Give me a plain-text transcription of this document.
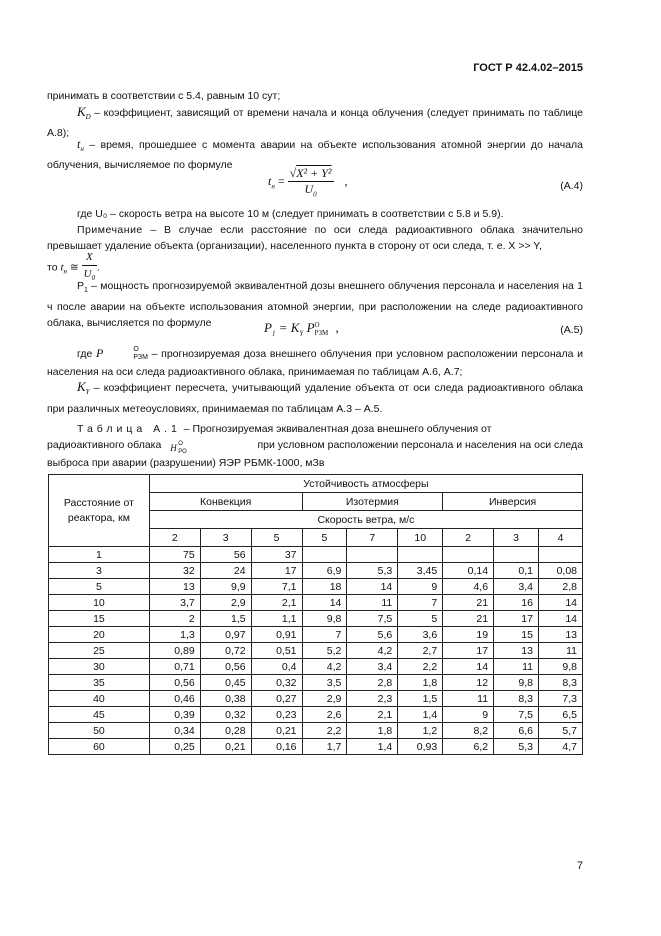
ГОСТ Р 42.4.02–2015
принимать в соответствии с 5.4, равным 10 сут;
$K_D$ – коэффициент, зависящий от времени начала и конца облучения (следует принимать по таблице А.8);
$t_н$ – время, прошедшее с момента аварии на объекте использования атомной энергии до начала облучения, вычисляемое по формуле
$t_н = \frac{\text{√X² + Y²}}{U_0}$ ,	(А.4)
где U₀ – скорость ветра на высоте 10 м (следует принимать в соответствии с 5.8 и 5.9).
Примечание – В случае если расстояние по оси следа радиоактивного облака значительно превышает удаление объекта (организации), населенного пункта в сторону от оси следа, т. е. X >> Y,
то $t_н$ ≅ $\frac{X}{U_0}$ .
$P_1$ – мощность прогнозируемой эквивалентной дозы внешнего облучения персонала и населения на 1 ч после аварии на объекте использования атомной энергии, при расположении на следе радиоактивного облака, вычисляется по формуле	$P_1 = K_Y$ P О
РЗМ ,	(А.5)
где P	О
РЗМ – прогнозируемая доза внешнего облучения при условном расположении персонала и населения на оси следа радиоактивного облака, принимаемая по таблицам А.6, А.7;
$K_Y$ – коэффициент пересчета, учитывающий удаление объекта от оси следа радиоактивного облака при различных метеоусловиях, принимаемая по таблицам А.3 – А.5.
Таблица А.1 – Прогнозируемая эквивалентная доза внешнего облучения от
радиоактивного облака H О
РО
при условном расположении персонала и населения на оси следа
выброса при аварии (разрушении) ЯЭР РБМК-1000, мЗв
Расстояние от реактора, км	Устойчивость атмосферы								
	Конвекция			Изотермия			Инверсия		
	Скорость ветра, м/с								
	2	3	5	5	7	10	2	3	4
1	75	56	37						
3	32	24	17	6,9	5,3	3,45	0,14	0,1	0,08
5	13	9,9	7,1	18	14	9	4,6	3,4	2,8
10	3,7	2,9	2,1	14	11	7	21	16	14
15	2	1,5	1,1	9,8	7,5	5	21	17	14
20	1,3	0,97	0,91	7	5,6	3,6	19	15	13
25	0,89	0,72	0,51	5,2	4,2	2,7	17	13	11
30	0,71	0,56	0,4	4,2	3,4	2,2	14	11	9,8
35	0,56	0,45	0,32	3,5	2,8	1,8	12	9,8	8,3
40	0,46	0,38	0,27	2,9	2,3	1,5	11	8,3	7,3
45	0,39	0,32	0,23	2,6	2,1	1,4	9	7,5	6,5
50	0,34	0,28	0,21	2,2	1,8	1,2	8,2	6,6	5,7
60	0,25	0,21	0,16	1,7	1,4	0,93	6,2	5,3	4,7
7
